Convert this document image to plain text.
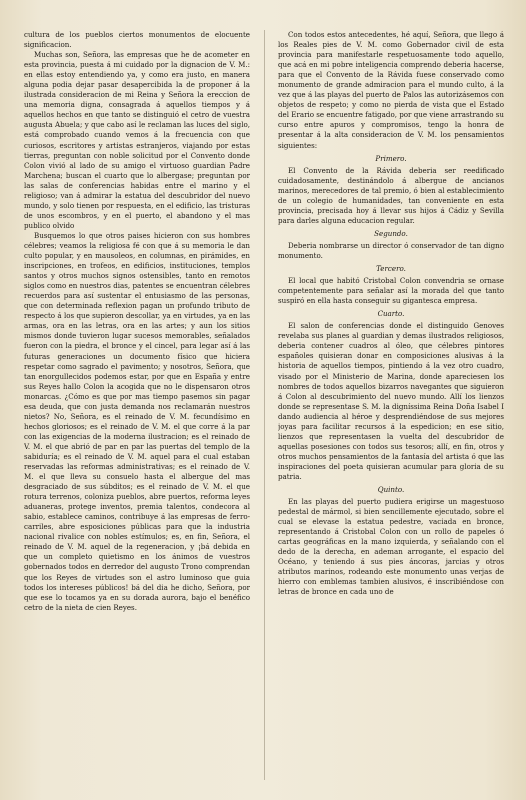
cultura de los pueblos ciertos monumentos de elocuente significacion.

Muchas son, Señora, las empresas que he de acometer en esta provincia, puesta á mi cuidado por la dignacion de V. M.: en ellas estoy entendiendo ya, y como era justo, en manera alguna podia dejar pasar desapercibida la de proponer á la ilustrada consideracion de mi Reina y Señora la ereccion de una memoria digna, consagrada á aquellos tiempos y á aquellos hechos en que tanto se distinguió el cetro de vuestra augusta Abuela; y que cabo así le reclaman las luces del siglo, está comprobado cuando vemos á la frecuencia con que curiosos, escritores y artistas estranjeros, viajando por estas tierras, preguntan con noble solicitud por el Convento donde Colon vivió al lado de su amigo el virtuoso guardian Padre Marchena; buscan el cuarto que lo albergase; preguntan por las salas de conferencias habidas entre el marino y el religioso; van á admirar la estatua del descubridor del nuevo mundo, y solo tienen por respuesta, en el edificio, las tristuras de unos escombros, y en el puerto, el abandono y el mas publico olvido

Busquemos lo que otros paises hicieron con sus hombres célebres; veamos la religiosa fé con que á su memoria le dan culto popular, y en mausoleos, en columnas, en pirámides, en inscripciones, en trofeos, en edificios, instituciones, templos santos y otros muchos signos ostensibles, tanto en remotos siglos como en nuestros dias, patentes se encuentran célebres recuerdos para así sustentar el entusiasmo de las personas, que con determinada reflexion pagan un profundo tributo de respecto á los que supieron descollar, ya en virtudes, ya en las armas, ora en las letras, ora en las artes; y aun los sitios mismos donde tuvieron lugar sucesos memorables, señalados fueron con la piedra, el bronce y el cincel, para legar así á las futuras generaciones un documento físico que hiciera respetar como sagrado el pavimento; y nosotros, Señora, que tan enorgullecidos podemos estar, por que en España y entre sus Reyes hallo Colon la acogida que no le dispensaron otros monarcas. ¿Cómo es que por mas tiempo pasemos sin pagar esa deuda, que con justa demanda nos reclamarán nuestros nietos? No, Señora, es el reinado de V. M. fecundísimo en hechos gloriosos; es el reinado de V. M. el que corre á la par con las exigencias de la moderna ilustracion; es el reinado de V. M. el que abrió de par en par las puertas del templo de la sabiduría; es el reinado de V. M. aquel para el cual estaban reservadas las reformas administrativas; es el reinado de V. M. el que lleva su consuelo hasta el albergue del mas desgraciado de sus súbditos; es el reinado de V. M. el que rotura terrenos, coloniza pueblos, abre puertos, reforma leyes aduaneras, protege inventos, premia talentos, condecora al sabio, establece caminos, contribuye á las empresas de ferro-carriles, abre esposiciones públicas para que la industria nacional rivalice con nobles estímulos; es, en fin, Señora, el reinado de V. M. aquel de la regeneracion, y ¡bá debida en que un completo quietismo en los ánimos de vuestros gobernados todos en derredor del augusto Trono comprendan que los Reyes de virtudes son el astro luminoso que guia todos los intereses públicos! bá del dia he dicho, Señora, por que ese lo tocamos ya en su dorada aurora, bajo el benéfico cetro de la nieta de cien Reyes.

Con todos estos antecedentes, hé aquí, Señora, que llego á los Reales pies de V. M. como Gobernador civil de esta provincia para manifestarle respetuosamente todo aquello, que acá en mi pobre inteligencia comprendo deberia hacerse, para que el Convento de la Rávida fuese conservado como monumento de grande admiracion para el mundo culto, á la vez que á las playas del puerto de Palos las autorizásemos con objetos de respeto; y como no pierda de vista que el Estado del Erario se encuentre fatigado, por que viene arrastrando su curso entre apuros y compromisos, tengo la honra de presentar á la alta consideracion de V. M. los pensamientos siguientes:

Primero.

El Convento de la Rávida deberia ser reedificado cuidadosamente, destinándolo á albergue de ancianos marinos, merecedores de tal premio, ó bien al establecimiento de un colegio de humanidades, tan conveniente en esta provincia, precisada hoy á llevar sus hijos á Cádiz y Sevilla para darles alguna educacion regular.

Segundo.

Deberia nombrarse un director ó conservador de tan digno monumento.

Tercero.

El local que habitó Cristobal Colon convendria se ornase competentemente para señalar así la morada del que tanto suspiró en ella hasta conseguir su gigantesca empresa.

Cuarto.

El salon de conferencias donde el distinguido Genoves revelaba sus planes al guardian y demas ilustrados religiosos, deberia contener cuadros al óleo, que célebres pintores españoles quisieran donar en composiciones alusivas á la historia de aquellos tiempos, pintiendo á la vez otro cuadro, visado por el Ministerio de Marina, donde apareciesen los nombres de todos aquellos bizarros navegantes que siguieron á Colon al descubrimiento del nuevo mundo. Allí los lienzos donde se representase S. M. la digníssima Reina Doña Isabel I dando audiencia al héroe y desprendiéndose de sus mejores joyas para facilitar recursos á la espedicion; en ese sitio, lienzos que representasen la vuelta del descubridor de aquellas posesiones con todos sus tesoros; allí, en fin, otros y otros muchos pensamientos de la fantasía del artista ó que las inspiraciones del poeta quisieran acumular para gloria de su patria.

Quinto.

En las playas del puerto pudiera erigirse un magestuoso pedestal de mármol, si bien sencillemente ejecutado, sobre el cual se elevase la estatua pedestre, vaciada en bronce, representando á Cristobal Colon con un rollo de papeles ó cartas geográficas en la mano izquierda, y señalando con el dedo de la derecha, en ademan arrogante, el espacio del Océano, y teniendo á sus pies áncoras, jarcias y otros atributos marinos, rodeando este monumento unas verjas de hierro con emblemas tambien alusivos, é inscribiéndose con letras de bronce en cada uno de
